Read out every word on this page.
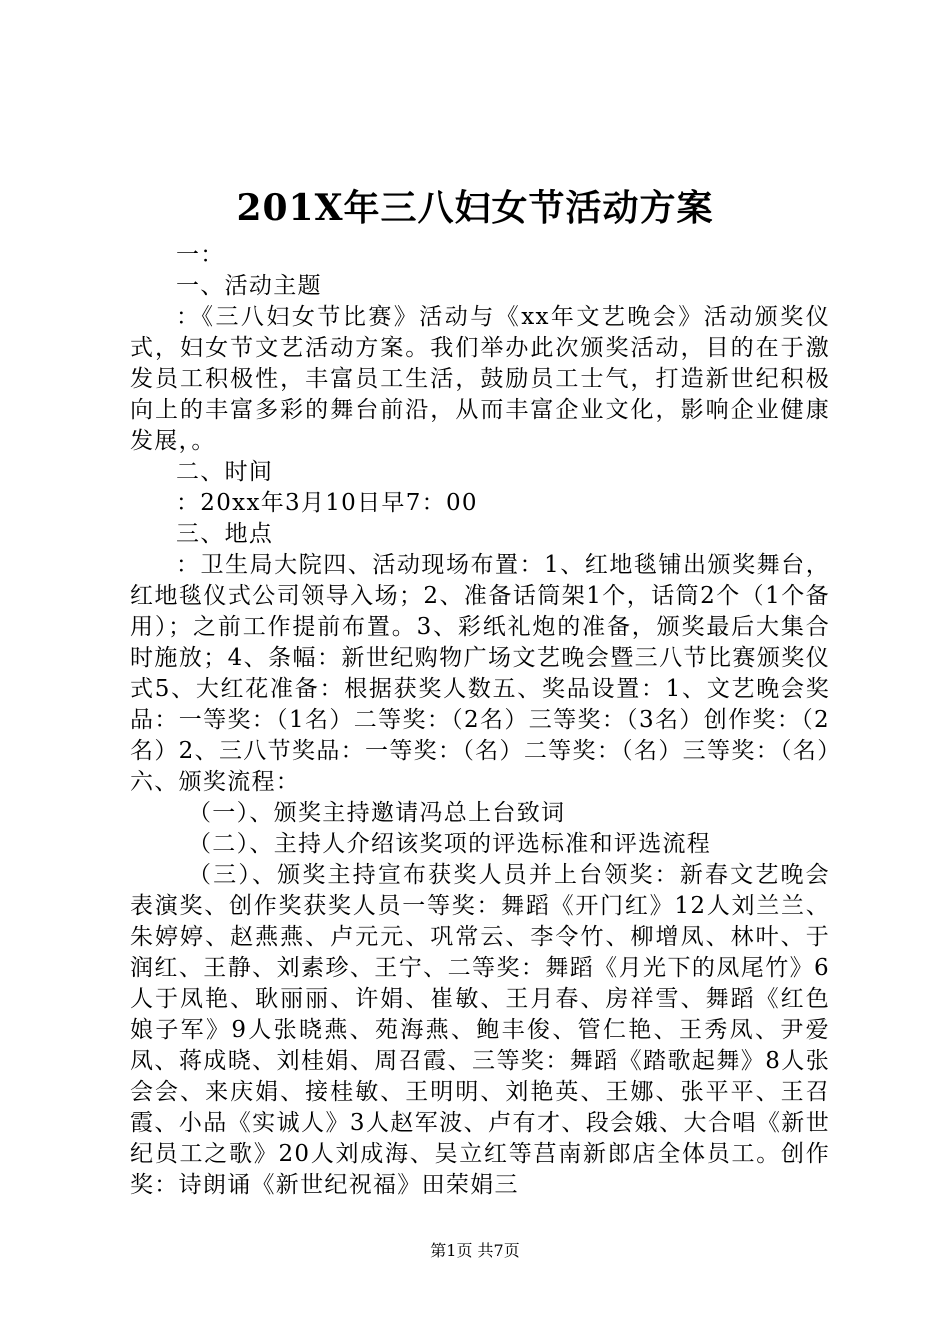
201X年三八妇女节活动方案

一：

一、活动主题

：《三八妇女节比赛》活动与《xx年文艺晚会》活动颁奖仪式，妇女节文艺活动方案。我们举办此次颁奖活动，目的在于激发员工积极性，丰富员工生活，鼓励员工士气，打造新世纪积极向上的丰富多彩的舞台前沿，从而丰富企业文化，影响企业健康发展，。

二、时间

：20xx年3月10日早7：00

三、地点

：卫生局大院四、活动现场布置：1、红地毯铺出颁奖舞台，红地毯仪式公司领导入场；2、准备话筒架1个，话筒2个（1个备用）；之前工作提前布置。3、彩纸礼炮的准备，颁奖最后大集合时施放；4、条幅：新世纪购物广场文艺晚会暨三八节比赛颁奖仪式5、大红花准备：根据获奖人数五、奖品设置：1、文艺晚会奖品：一等奖：（1名）二等奖：（2名）三等奖：（3名）创作奖：（2名）2、三八节奖品：一等奖：（名）二等奖：（名）三等奖：（名）六、颁奖流程：

（一）、颁奖主持邀请冯总上台致词

（二）、主持人介绍该奖项的评选标准和评选流程

（三）、颁奖主持宣布获奖人员并上台领奖：新春文艺晚会表演奖、创作奖获奖人员一等奖：舞蹈《开门红》12人刘兰兰、朱婷婷、赵燕燕、卢元元、巩常云、李令竹、柳增凤、林叶、于润红、王静、刘素珍、王宁、二等奖：舞蹈《月光下的凤尾竹》6人于凤艳、耿丽丽、许娟、崔敏、王月春、房祥雪、舞蹈《红色娘子军》9人张晓燕、苑海燕、鲍丰俊、管仁艳、王秀凤、尹爱凤、蒋成晓、刘桂娟、周召霞、三等奖：舞蹈《踏歌起舞》8人张会会、来庆娟、接桂敏、王明明、刘艳英、王娜、张平平、王召霞、小品《实诚人》3人赵军波、卢有才、段会娥、大合唱《新世纪员工之歌》20人刘成海、吴立红等莒南新郎店全体员工。创作奖：诗朗诵《新世纪祝福》田荣娟三

第1页 共7页
